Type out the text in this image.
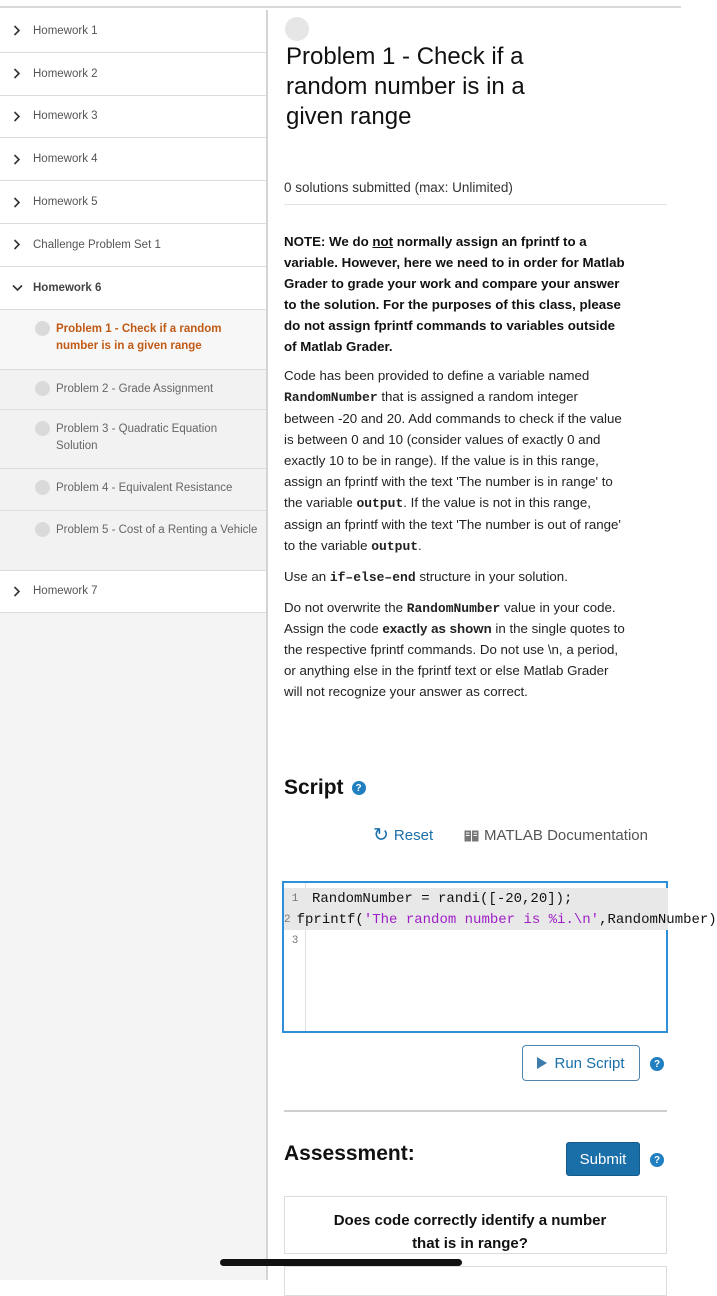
Homework 1
Homework 2
Homework 3
Homework 4
Homework 5
Challenge Problem Set 1
Homework 6
Problem 1 - Check if a random number is in a given range
Problem 2 - Grade Assignment
Problem 3 - Quadratic Equation Solution
Problem 4 - Equivalent Resistance
Problem 5 - Cost of a Renting a Vehicle
Homework 7
Problem 1 - Check if a random number is in a given range
0 solutions submitted (max: Unlimited)

NOTE: We do not normally assign an fprintf to a variable. However, here we need to in order for Matlab Grader to grade your work and compare your answer to the solution. For the purposes of this class, please do not assign fprintf commands to variables outside of Matlab Grader.

Code has been provided to define a variable named RandomNumber that is assigned a random integer between -20 and 20. Add commands to check if the value is between 0 and 10 (consider values of exactly 0 and exactly 10 to be in range). If the value is in this range, assign an fprintf with the text 'The number is in range' to the variable output. If the value is not in this range, assign an fprintf with the text 'The number is out of range' to the variable output.

Use an if–else–end structure in your solution.

Do not overwrite the RandomNumber value in your code. Assign the code exactly as shown in the single quotes to the respective fprintf commands. Do not use \n, a period, or anything else in the fprintf text or else Matlab Grader will not recognize your answer as correct.

Script	?
↻ Reset	MATLAB Documentation
1 RandomNumber = randi([-20,20]);
2 fprintf('The random number is %i.\n',RandomNumber)
3
Run Script	?
Assessment:	Submit	?
Does code correctly identify a number that is in range?
